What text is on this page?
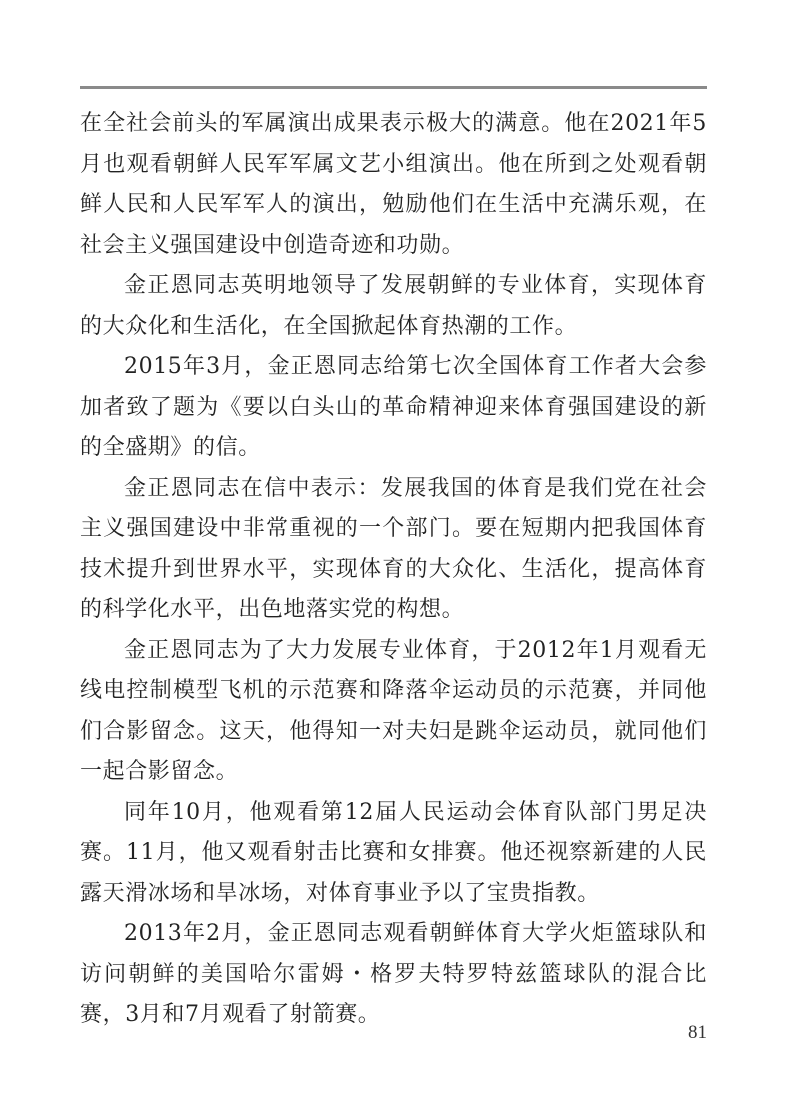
在全社会前头的军属演出成果表示极大的满意。他在2021年5月也观看朝鲜人民军军属文艺小组演出。他在所到之处观看朝鲜人民和人民军军人的演出，勉励他们在生活中充满乐观，在社会主义强国建设中创造奇迹和功勋。

金正恩同志英明地领导了发展朝鲜的专业体育，实现体育的大众化和生活化，在全国掀起体育热潮的工作。

2015年3月，金正恩同志给第七次全国体育工作者大会参加者致了题为《要以白头山的革命精神迎来体育强国建设的新的全盛期》的信。

金正恩同志在信中表示：发展我国的体育是我们党在社会主义强国建设中非常重视的一个部门。要在短期内把我国体育技术提升到世界水平，实现体育的大众化、生活化，提高体育的科学化水平，出色地落实党的构想。

金正恩同志为了大力发展专业体育，于2012年1月观看无线电控制模型飞机的示范赛和降落伞运动员的示范赛，并同他们合影留念。这天，他得知一对夫妇是跳伞运动员，就同他们一起合影留念。

同年10月，他观看第12届人民运动会体育队部门男足决赛。11月，他又观看射击比赛和女排赛。他还视察新建的人民露天滑冰场和旱冰场，对体育事业予以了宝贵指教。

2013年2月，金正恩同志观看朝鲜体育大学火炬篮球队和访问朝鲜的美国哈尔雷姆・格罗夫特罗特兹篮球队的混合比赛，3月和7月观看了射箭赛。

81
